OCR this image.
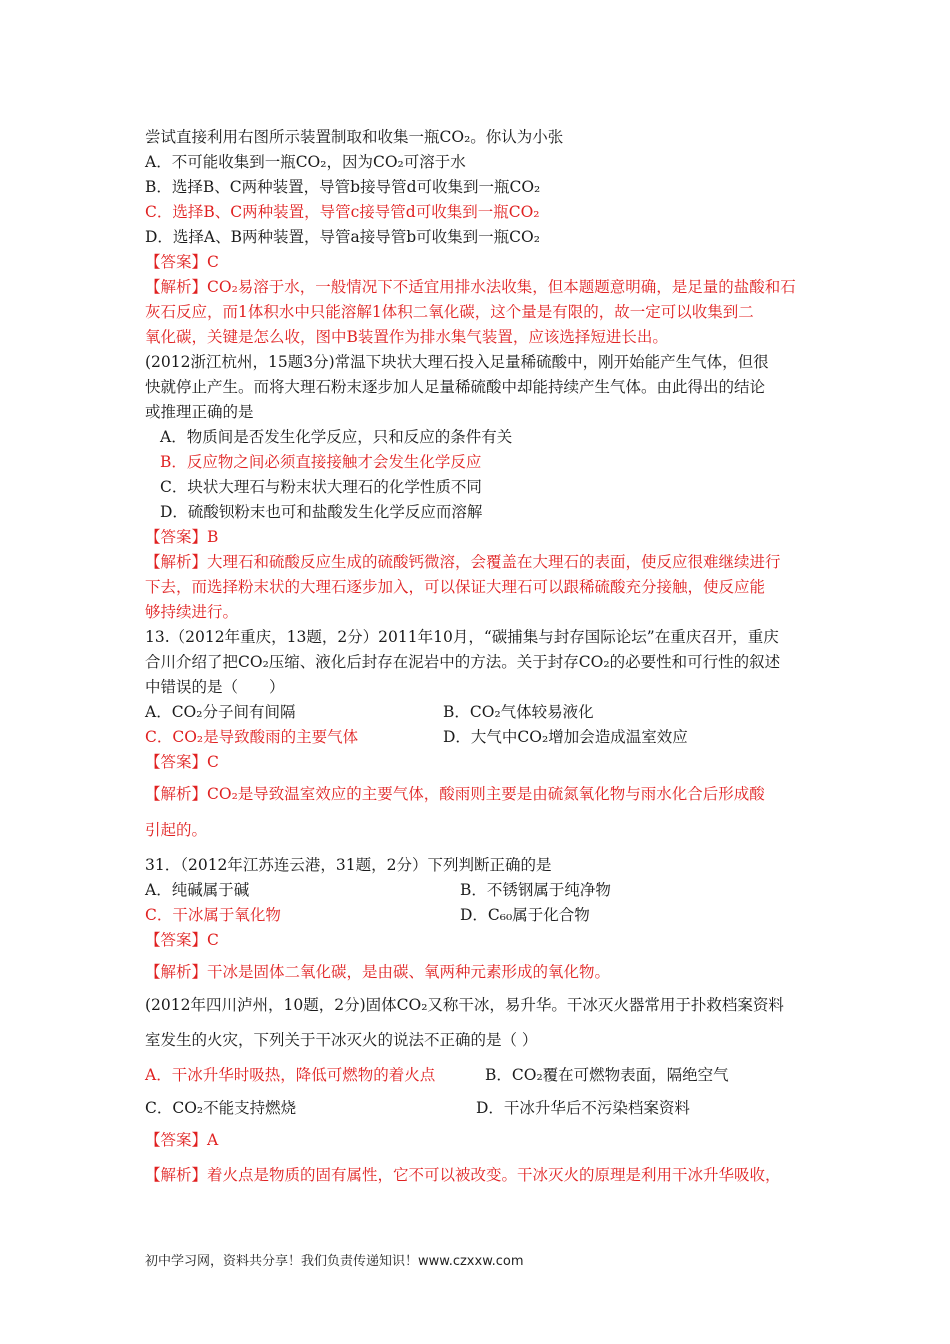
尝试直接利用右图所示装置制取和收集一瓶CO₂。你认为小张
A．不可能收集到一瓶CO₂，因为CO₂可溶于水
B．选择B、C两种装置，导管b接导管d可收集到一瓶CO₂
C．选择B、C两种装置，导管c接导管d可收集到一瓶CO₂
D．选择A、B两种装置，导管a接导管b可收集到一瓶CO₂
【答案】C
【解析】CO₂易溶于水，一般情况下不适宜用排水法收集，但本题题意明确，是足量的盐酸和石
灰石反应，而1体积水中只能溶解1体积二氧化碳，这个量是有限的，故一定可以收集到二
氧化碳，关键是怎么收，图中B装置作为排水集气装置，应该选择短进长出。
(2012浙江杭州，15题3分)常温下块状大理石投入足量稀硫酸中，刚开始能产生气体，但很
快就停止产生。而将大理石粉末逐步加人足量稀硫酸中却能持续产生气体。由此得出的结论
或推理正确的是
A．物质间是否发生化学反应，只和反应的条件有关
B．反应物之间必须直接接触才会发生化学反应
C．块状大理石与粉末状大理石的化学性质不同
D．硫酸钡粉末也可和盐酸发生化学反应而溶解
【答案】B
【解析】大理石和硫酸反应生成的硫酸钙微溶，会覆盖在大理石的表面，使反应很难继续进行
下去，而选择粉末状的大理石逐步加入，可以保证大理石可以跟稀硫酸充分接触，使反应能
够持续进行。
13.（2012年重庆，13题，2分）2011年10月，“碳捕集与封存国际论坛”在重庆召开，重庆
合川介绍了把CO₂压缩、液化后封存在泥岩中的方法。关于封存CO₂的必要性和可行性的叙述
中错误的是（　　）
A．CO₂分子间有间隔	B．CO₂气体较易液化
C．CO₂是导致酸雨的主要气体	D．大气中CO₂增加会造成温室效应
【答案】C
【解析】CO₂是导致温室效应的主要气体，酸雨则主要是由硫氮氧化物与雨水化合后形成酸
引起的。
31．（2012年江苏连云港，31题，2分）下列判断正确的是
A．纯碱属于碱	B．不锈钢属于纯净物
C．干冰属于氧化物	D．C₆₀属于化合物
【答案】C
【解析】干冰是固体二氧化碳，是由碳、氧两种元素形成的氧化物。
(2012年四川泸州，10题，2分)固体CO₂又称干冰，易升华。干冰灭火器常用于扑救档案资料
室发生的火灾，下列关于干冰灭火的说法不正确的是（ ）
A．干冰升华时吸热，降低可燃物的着火点	B．CO₂覆在可燃物表面，隔绝空气
C．CO₂不能支持燃烧	D．干冰升华后不污染档案资料
【答案】A
【解析】着火点是物质的固有属性，它不可以被改变。干冰灭火的原理是利用干冰升华吸收，
初中学习网，资料共分享！我们负责传递知识！www.czxxw.com
